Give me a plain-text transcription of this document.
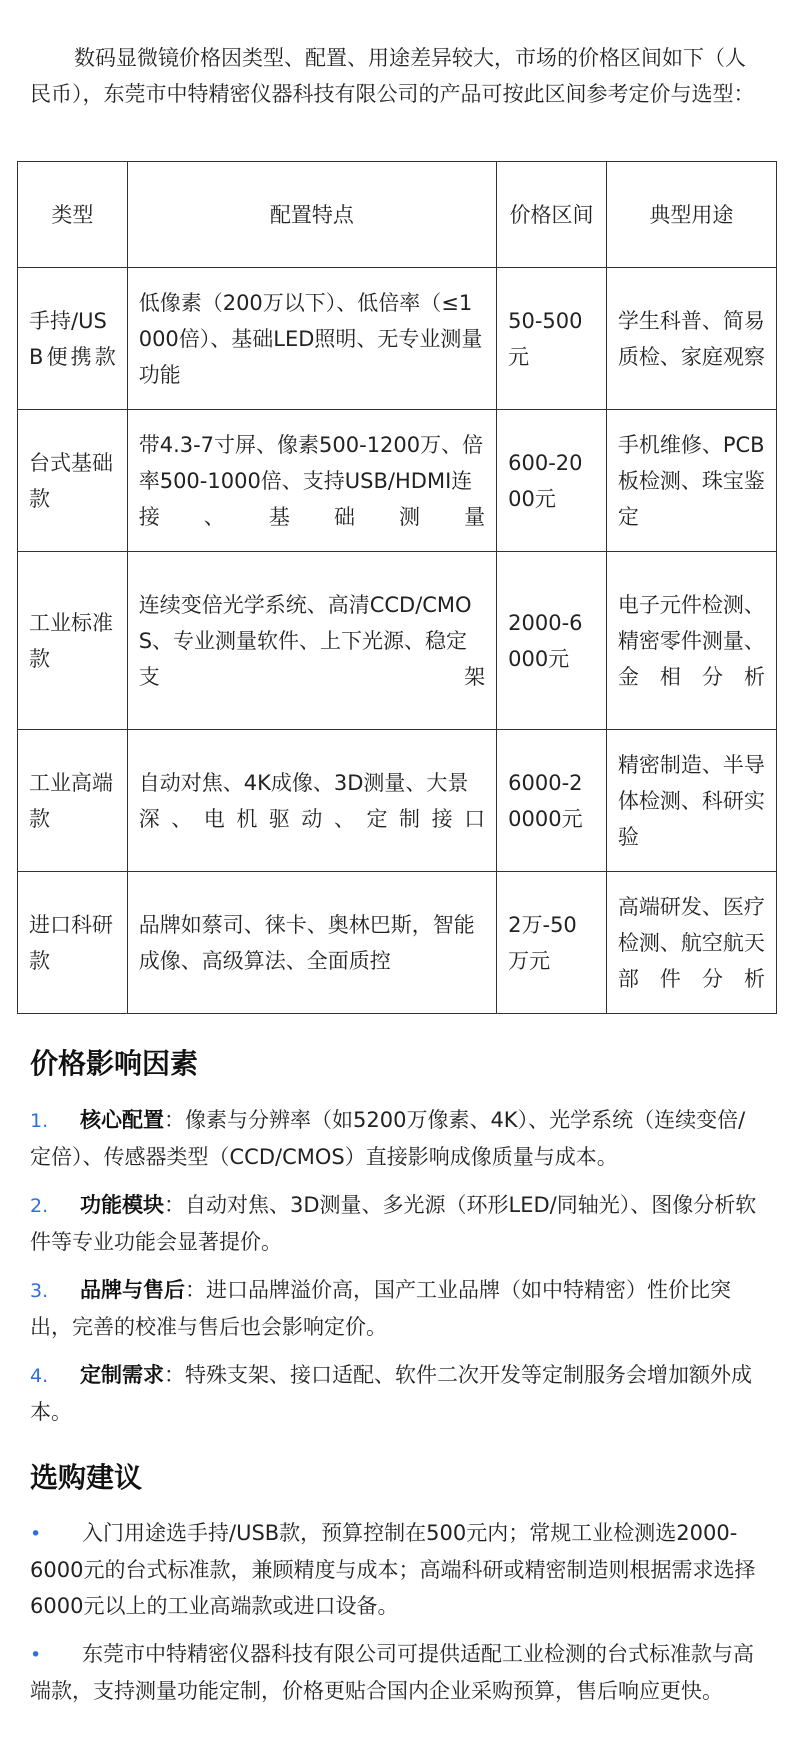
数码显微镜价格因类型、配置、用途差异较大，市场的价格区间如下（人民币），东莞市中特精密仪器科技有限公司的产品可按此区间参考定价与选型：

类型	配置特点	价格区间	典型用途
手持/USB便携款	低像素（200万以下）、低倍率（≤1000倍）、基础LED照明、无专业测量功能	50-500元	学生科普、简易质检、家庭观察
台式基础款	带4.3-7寸屏、像素500-1200万、倍率500-1000倍、支持USB/HDMI连接、基础测量	600-2000元	手机维修、PCB板检测、珠宝鉴定
工业标准款	连续变倍光学系统、高清CCD/CMOS、专业测量软件、上下光源、稳定支架	2000-6000元	电子元件检测、精密零件测量、金相分析
工业高端款	自动对焦、4K成像、3D测量、大景深、电机驱动、定制接口	6000-20000元	精密制造、半导体检测、科研实验
进口科研款	品牌如蔡司、徕卡、奥林巴斯，智能成像、高级算法、全面质控	2万-50万元	高端研发、医疗检测、航空航天部件分析
价格影响因素
1. 核心配置：像素与分辨率（如5200万像素、4K）、光学系统（连续变倍/定倍）、传感器类型（CCD/CMOS）直接影响成像质量与成本。
2. 功能模块：自动对焦、3D测量、多光源（环形LED/同轴光）、图像分析软件等专业功能会显著提价。
3. 品牌与售后：进口品牌溢价高，国产工业品牌（如中特精密）性价比突出，完善的校准与售后也会影响定价。
4. 定制需求：特殊支架、接口适配、软件二次开发等定制服务会增加额外成本。
选购建议
• 入门用途选手持/USB款，预算控制在500元内；常规工业检测选2000-6000元的台式标准款，兼顾精度与成本；高端科研或精密制造则根据需求选择6000元以上的工业高端款或进口设备。
• 东莞市中特精密仪器科技有限公司可提供适配工业检测的台式标准款与高端款，支持测量功能定制，价格更贴合国内企业采购预算，售后响应更快。
